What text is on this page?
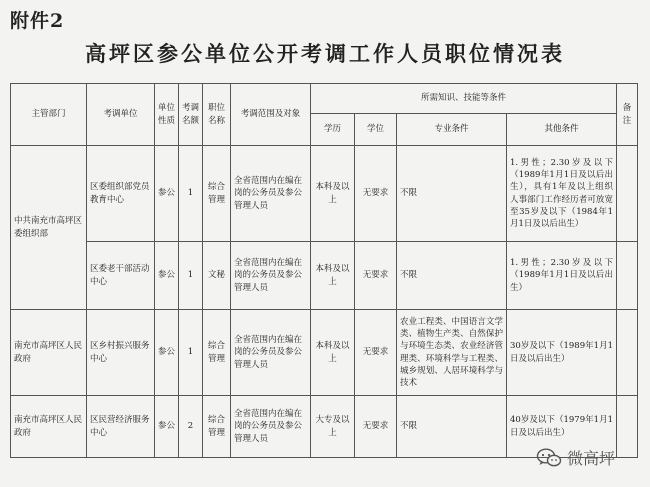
附件2
高坪区参公单位公开考调工作人员职位情况表
主管部门	考调单位	单位性质	考调名额	职位名称	考调范围及对象	所需知识、技能等条件				备注
						学历	学位	专业条件	其他条件	
中共南充市高坪区委组织部	区委组织部党员教育中心	参公	1	综合管理	全省范围内在编在岗的公务员及参公管理人员	本科及以上	无要求	不限	1.男性；2.30岁及以下（1989年1月1日及以后出生），具有1年及以上组织人事部门工作经历者可放宽至35岁及以下（1984年1月1日及以后出生）	
	区委老干部活动中心	参公	1	文秘	全省范围内在编在岗的公务员及参公管理人员	本科及以上	无要求	不限	1.男性；2.30岁及以下（1989年1月1日及以后出生）	
南充市高坪区人民政府	区乡村振兴服务中心	参公	1	综合管理	全省范围内在编在岗的公务员及参公管理人员	本科及以上	无要求	农业工程类、中国语言文学类、植物生产类、自然保护与环境生态类、农业经济管理类、环境科学与工程类、城乡规划、人居环境科学与技术	30岁及以下（1989年1月1日及以后出生）	
南充市高坪区人民政府	区民营经济服务中心	参公	2	综合管理	全省范围内在编在岗的公务员及参公管理人员	大专及以上	无要求	不限	40岁及以下（1979年1月1日及以后出生）	
微高坪
